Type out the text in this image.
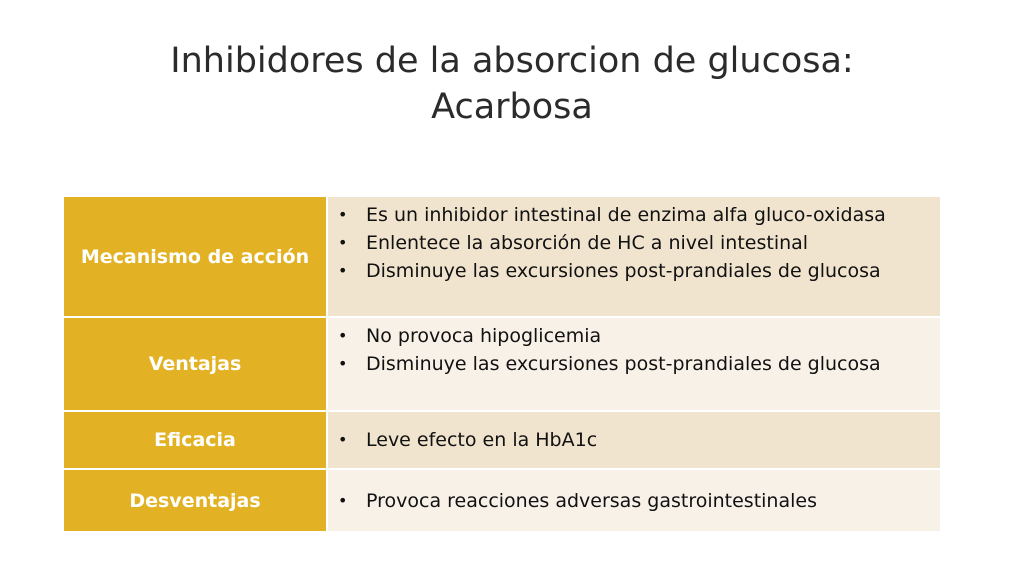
Inhibidores de la absorcion de glucosa:
Acarbosa
Mecanismo de acción
• Es un inhibidor intestinal de enzima alfa gluco-oxidasa
• Enlentece la absorción de HC a nivel intestinal
• Disminuye las excursiones post-prandiales de glucosa
Ventajas
• No provoca hipoglicemia
• Disminuye las excursiones post-prandiales de glucosa
Eficacia	• Leve efecto en la HbA1c
Desventajas	• Provoca reacciones adversas gastrointestinales
